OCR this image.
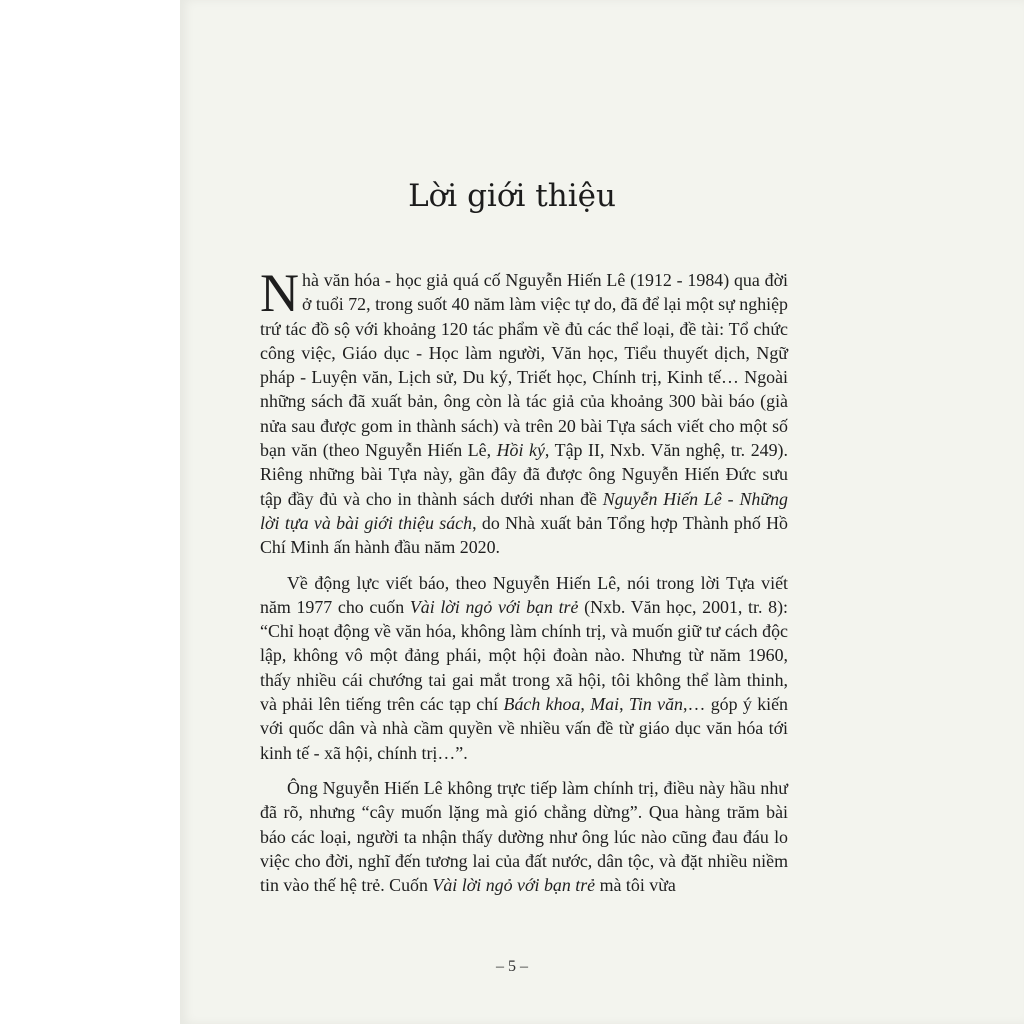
Lời giới thiệu

N hà văn hóa - học giả quá cố Nguyễn Hiến Lê (1912 - 1984) qua đời ở tuổi 72, trong suốt 40 năm làm việc tự do, đã để lại một sự nghiệp trứ tác đồ sộ với khoảng 120 tác phẩm về đủ các thể loại, đề tài: Tổ chức công việc, Giáo dục - Học làm người, Văn học, Tiểu thuyết dịch, Ngữ pháp - Luyện văn, Lịch sử, Du ký, Triết học, Chính trị, Kinh tế… Ngoài những sách đã xuất bản, ông còn là tác giả của khoảng 300 bài báo (già nửa sau được gom in thành sách) và trên 20 bài Tựa sách viết cho một số bạn văn (theo Nguyễn Hiến Lê, Hồi ký, Tập II, Nxb. Văn nghệ, tr. 249). Riêng những bài Tựa này, gần đây đã được ông Nguyễn Hiến Đức sưu tập đầy đủ và cho in thành sách dưới nhan đề Nguyễn Hiến Lê - Những lời tựa và bài giới thiệu sách, do Nhà xuất bản Tổng hợp Thành phố Hồ Chí Minh ấn hành đầu năm 2020.

Về động lực viết báo, theo Nguyễn Hiến Lê, nói trong lời Tựa viết năm 1977 cho cuốn Vài lời ngỏ với bạn trẻ (Nxb. Văn học, 2001, tr. 8): “Chỉ hoạt động về văn hóa, không làm chính trị, và muốn giữ tư cách độc lập, không vô một đảng phái, một hội đoàn nào. Nhưng từ năm 1960, thấy nhiều cái chướng tai gai mắt trong xã hội, tôi không thể làm thinh, và phải lên tiếng trên các tạp chí Bách khoa, Mai, Tin văn,… góp ý kiến với quốc dân và nhà cầm quyền về nhiều vấn đề từ giáo dục văn hóa tới kinh tế - xã hội, chính trị…”.

Ông Nguyễn Hiến Lê không trực tiếp làm chính trị, điều này hầu như đã rõ, nhưng “cây muốn lặng mà gió chẳng dừng”. Qua hàng trăm bài báo các loại, người ta nhận thấy dường như ông lúc nào cũng đau đáu lo việc cho đời, nghĩ đến tương lai của đất nước, dân tộc, và đặt nhiều niềm tin vào thế hệ trẻ. Cuốn Vài lời ngỏ với bạn trẻ mà tôi vừa

– 5 –
